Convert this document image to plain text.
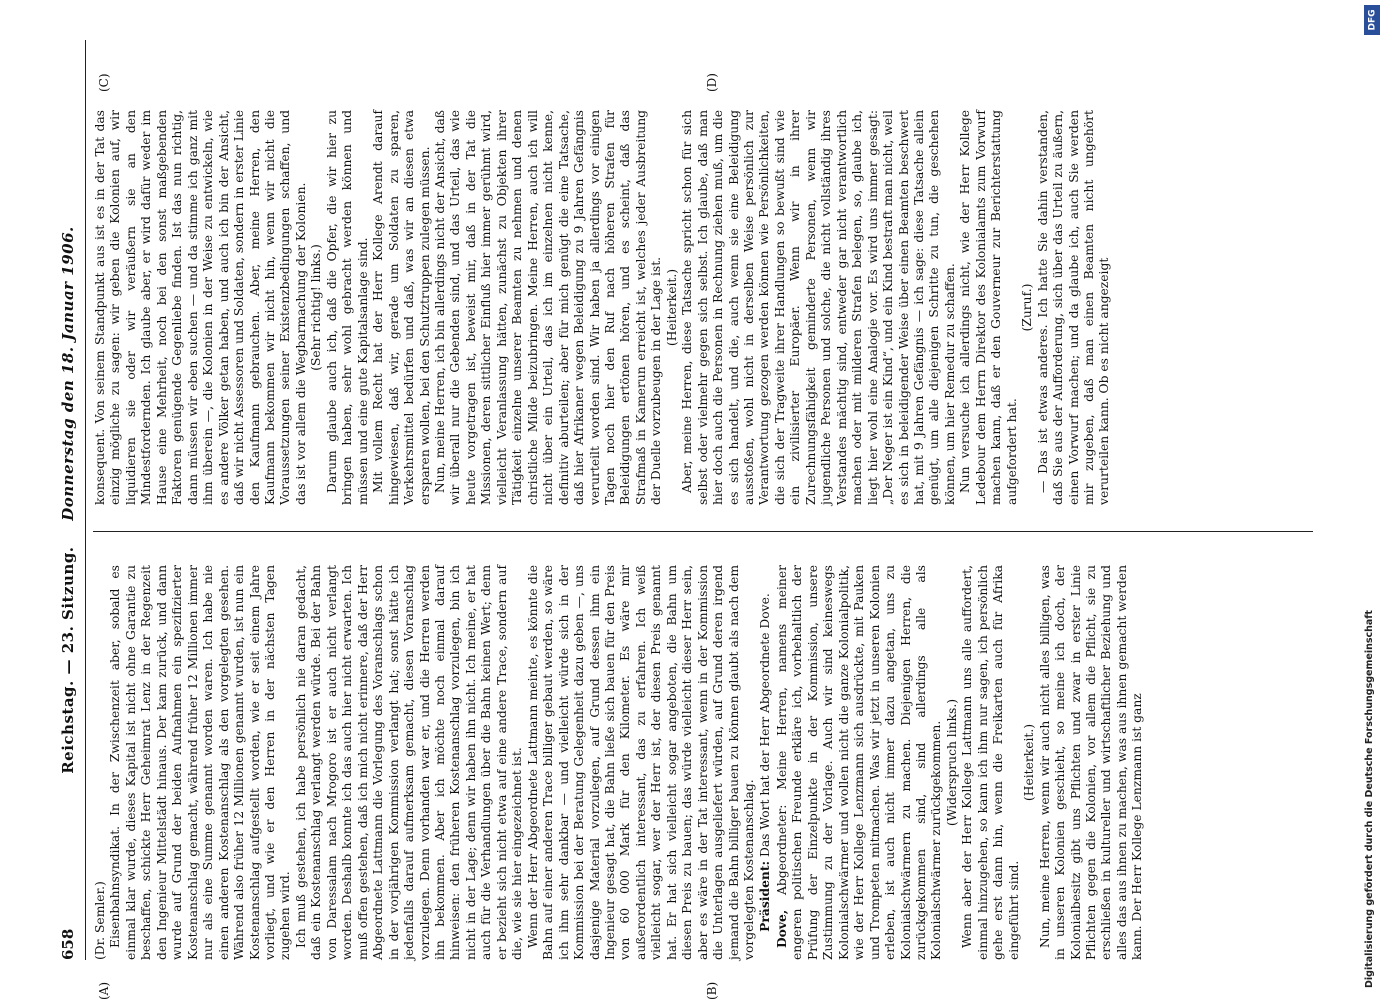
658
Reichstag. — 23. Sitzung. Donnerstag den 18. Januar 1906.
(A)	(B)
(C)	(D)

(Dr. Semler.) Eisenbahnsyndikat. In der Zwischenzeit aber, sobald es einmal klar wurde, dieses Kapital ist nicht ohne Garantie zu beschaffen, schickte Herr Geheimrat Lenz in der Regenzeit den Ingenieur Mittelstädt hinaus. Der kam zurück, und dann wurde auf Grund der beiden Aufnahmen ein spezifizierter Kostenanschlag gemacht, während früher 12 Millionen immer nur als eine Summe genannt worden waren. Ich habe nie einen anderen Kostenanschlag als den vorgelegten gesehen. Während also früher 12 Millionen genannt wurden, ist nun ein Kostenanschlag aufgestellt worden, wie er seit einem Jahre vorliegt, und wie er den Herren in der nächsten Tagen zugehen wird. Ich muß gestehen, ich habe persönlich nie daran gedacht, daß ein Kostenanschlag verlangt werden würde. Bei der Bahn von Daressalam nach Mrogoro ist er auch nicht verlangt worden. Deshalb konnte ich das auch hier nicht erwarten. Ich muß offen gestehen, daß ich mich nicht erinnere, daß der Herr Abgeordnete Lattmann die Vorlegung des Voranschlags schon in der vorjährigen Kommission verlangt hat; sonst hätte ich jedenfalls darauf aufmerksam gemacht, diesen Voranschlag vorzulegen. Denn vorhanden war er, und die Herren werden ihn bekommen. Aber ich möchte noch einmal darauf hinweisen: den früheren Kostenanschlag vorzulegen, bin ich nicht in der Lage; denn wir haben ihn nicht. Ich meine, er hat auch für die Verhandlungen über die Bahn keinen Wert; denn er bezieht sich nicht etwa auf eine andere Trace, sondern auf die, wie sie hier eingezeichnet ist. Wenn der Herr Abgeordnete Lattmann meinte, es könnte die Bahn auf einer anderen Trace billiger gebaut werden, so wäre ich ihm sehr dankbar — und vielleicht würde sich in der Kommission bei der Beratung Gelegenheit dazu geben —, uns dasjenige Material vorzulegen, auf Grund dessen ihm ein Ingenieur gesagt hat, die Bahn ließe sich bauen für den Preis von 60 000 Mark für den Kilometer. Es wäre mir außerordentlich interessant, das zu erfahren. Ich weiß vielleicht sogar, wer der Herr ist, der diesen Preis genannt hat. Er hat sich vielleicht sogar angeboten, die Bahn um diesen Preis zu bauen; das würde vielleicht dieser Herr sein, aber es wäre in der Tat interessant, wenn in der Kommission die Unterlagen ausgeliefert würden, auf Grund deren irgend jemand die Bahn billiger bauen zu können glaubt als nach dem vorgelegten Kostenanschlag. Präsident: Das Wort hat der Herr Abgeordnete Dove.

Dove, Abgeordneter: Meine Herren, namens meiner engeren politischen Freunde erkläre ich, vorbehaltlich der Prüfung der Einzelpunkte in der Kommission, unsere Zustimmung zu der Vorlage. Auch wir sind keineswegs Kolonialschwärmer und wollen nicht die ganze Kolonialpolitik, wie der Herr Kollege Lenzmann sich ausdrückte, mit Pauken und Trompeten mitmachen. Was wir jetzt in unseren Kolonien erleben, ist auch nicht immer dazu angetan, uns zu Kolonialschwärmern zu machen. Diejenigen Herren, die zurückgekommen sind, sind allerdings alle als Kolonialschwärmer zurückgekommen. (Widerspruch links.) Wenn aber der Herr Kollege Lattmann uns alle auffordert, einmal hinzugehen, so kann ich ihm nur sagen, ich persönlich gehe erst dann hin, wenn die Freikarten auch für Afrika eingeführt sind.

(Heiterkeit.) Nun, meine Herren, wenn wir auch nicht alles billigen, was in unseren Kolonien geschieht, so meine ich doch, der Kolonialbesitz gibt uns Pflichten und zwar in erster Linie Pflichten gegen die Kolonien, vor allem die Pflicht, sie zu erschließen in kultureller und wirtschaftlicher Beziehung und alles das aus ihnen zu machen, was aus ihnen gemacht werden kann. Der Herr Kollege Lenzmann ist ganz

konsequent. Von seinem Standpunkt aus ist es in der Tat das einzig mögliche zu sagen: wir geben die Kolonien auf, wir liquidieren sie oder wir veräußern sie an den Mindestfordernden. Ich glaube aber, er wird dafür weder im Hause eine Mehrheit, noch bei den sonst maßgebenden Faktoren genügende Gegenliebe finden. Ist das nun richtig, dann müssen wir eben suchen — und da stimme ich ganz mit ihm überein —, die Kolonien in der Weise zu entwickeln, wie es andere Völker getan haben, und auch ich bin der Ansicht, daß wir nicht Assessoren und Soldaten, sondern in erster Linie den Kaufmann gebrauchen. Aber, meine Herren, den Kaufmann bekommen wir nicht hin, wenn wir nicht die Voraussetzungen seiner Existenzbedingungen schaffen, und das ist vor allem die Wegbarmachung der Kolonien. (Sehr richtig! links.) Darum glaube auch ich, daß die Opfer, die wir hier zu bringen haben, sehr wohl gebracht werden können und müssen und eine gute Kapitalsanlage sind. Mit vollem Recht hat der Herr Kollege Arendt darauf hingewiesen, daß wir, gerade um Soldaten zu sparen, Verkehrsmittel bedürfen und daß, was wir an diesen etwa ersparen wollen, bei den Schutztruppen zulegen müssen. Nun, meine Herren, ich bin allerdings nicht der Ansicht, daß wir überall nur die Gebenden sind, und das Urteil, das wie heute vorgetragen ist, beweist mir, daß in der Tat die Missionen, deren sittlicher Einfluß hier immer gerühmt wird, vielleicht Veranlassung hätten, zunächst zu Objekten ihrer Tätigkeit einzelne unserer Beamten zu nehmen und denen christliche Milde beizubringen. Meine Herren, auch ich will nicht über ein Urteil, das ich im einzelnen nicht kenne, definitiv aburteilen; aber für mich genügt die eine Tatsache, daß hier Afrikaner wegen Beleidigung zu 9 Jahren Gefängnis verurteilt worden sind. Wir haben ja allerdings vor einigen Tagen noch hier den Ruf nach höheren Strafen für Beleidigungen ertönen hören, und es scheint, daß das Strafmaß in Kamerun erreicht ist, welches jeder Ausbreitung der Duelle vorzubeugen in der Lage ist. (Heiterkeit.) Aber, meine Herren, diese Tatsache spricht schon für sich selbst oder vielmehr gegen sich selbst. Ich glaube, daß man hier doch auch die Personen in Rechnung ziehen muß, um die es sich handelt, und die, auch wenn sie eine Beleidigung ausstoßen, wohl nicht in derselben Weise persönlich zur Verantwortung gezogen werden können wie Persönlichkeiten, die sich der Tragweite ihrer Handlungen so bewußt sind wie ein zivilisierter Europäer. Wenn wir in ihrer Zurechnungsfähigkeit geminderte Personen, wenn wir jugendliche Personen und solche, die nicht vollständig ihres Verstandes mächtig sind, entweder gar nicht verantwortlich machen oder mit milderen Strafen belegen, so, glaube ich, liegt hier wohl eine Analogie vor. Es wird uns immer gesagt: „Der Neger ist ein Kind“, und ein Kind bestraft man nicht, weil es sich in beleidigender Weise über einen Beamten beschwert hat, mit 9 Jahren Gefängnis — ich sage: diese Tatsache allein genügt, um alle diejenigen Schritte zu tun, die geschehen können, um hier Remedur zu schaffen. Nun versuche ich allerdings nicht, wie der Herr Kollege Ledebour dem Herrn Direktor des Kolonialamts zum Vorwurf machen kann, daß er den Gouverneur zur Berichterstattung aufgefordert hat.

(Zuruf.) — Das ist etwas anderes. Ich hatte Sie dahin verstanden, daß Sie aus der Aufforderung, sich über das Urteil zu äußern, einen Vorwurf machen; und da glaube ich, auch Sie werden mir zugeben, daß man einen Beamten nicht ungehört verurteilen kann. Ob es nicht angezeigt

Digitalisierung gefördert durch die Deutsche Forschungsgemeinschaft
DFG
